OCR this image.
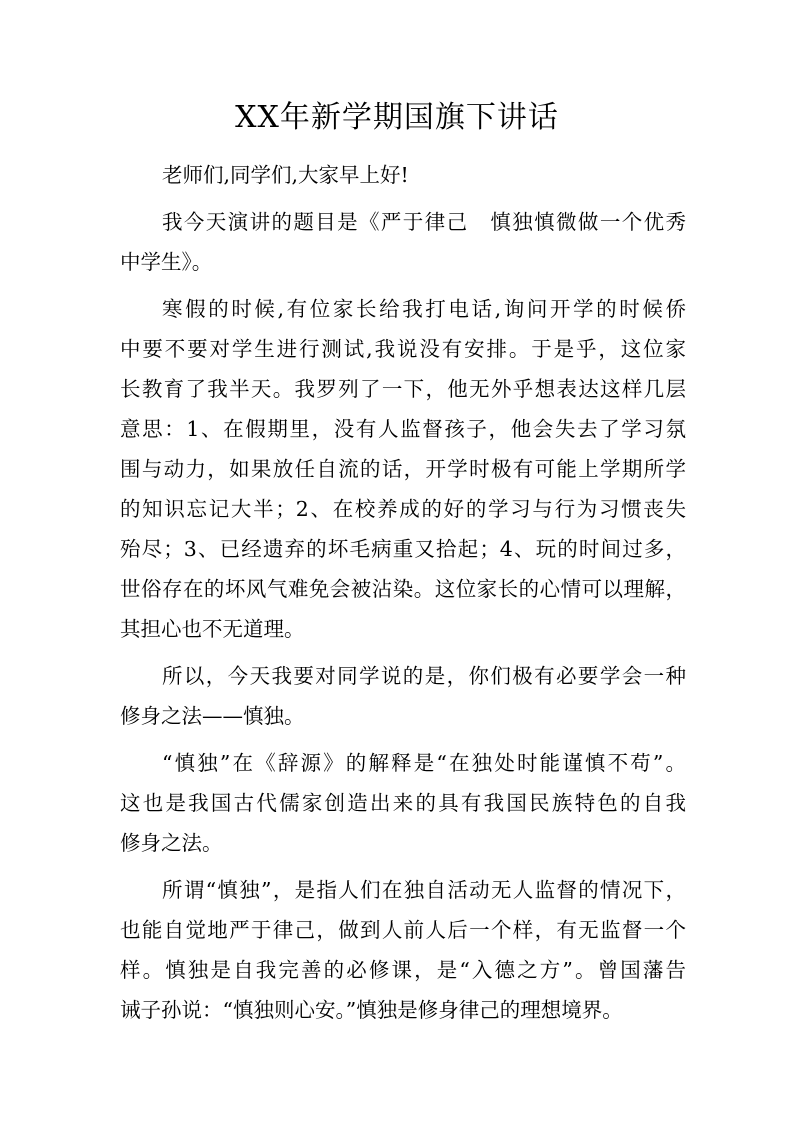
XX年新学期国旗下讲话
老师们,同学们,大家早上好!
我今天演讲的题目是《严于律己　慎独慎微做一个优秀
中学生》。
寒假的时候,有位家长给我打电话,询问开学的时候侨
中要不要对学生进行测试,我说没有安排。于是乎，这位家
长教育了我半天。我罗列了一下，他无外乎想表达这样几层
意思：1、在假期里，没有人监督孩子，他会失去了学习氛
围与动力，如果放任自流的话，开学时极有可能上学期所学
的知识忘记大半；2、在校养成的好的学习与行为习惯丧失
殆尽；3、已经遗弃的坏毛病重又拾起；4、玩的时间过多，
世俗存在的坏风气难免会被沾染。这位家长的心情可以理解，
其担心也不无道理。
所以，今天我要对同学说的是，你们极有必要学会一种
修身之法——慎独。
“慎独”在《辞源》的解释是“在独处时能谨慎不苟”。
这也是我国古代儒家创造出来的具有我国民族特色的自我
修身之法。
所谓“慎独”，是指人们在独自活动无人监督的情况下，
也能自觉地严于律己，做到人前人后一个样，有无监督一个
样。慎独是自我完善的必修课，是“入德之方”。曾国藩告
诫子孙说：“慎独则心安。”慎独是修身律己的理想境界。
